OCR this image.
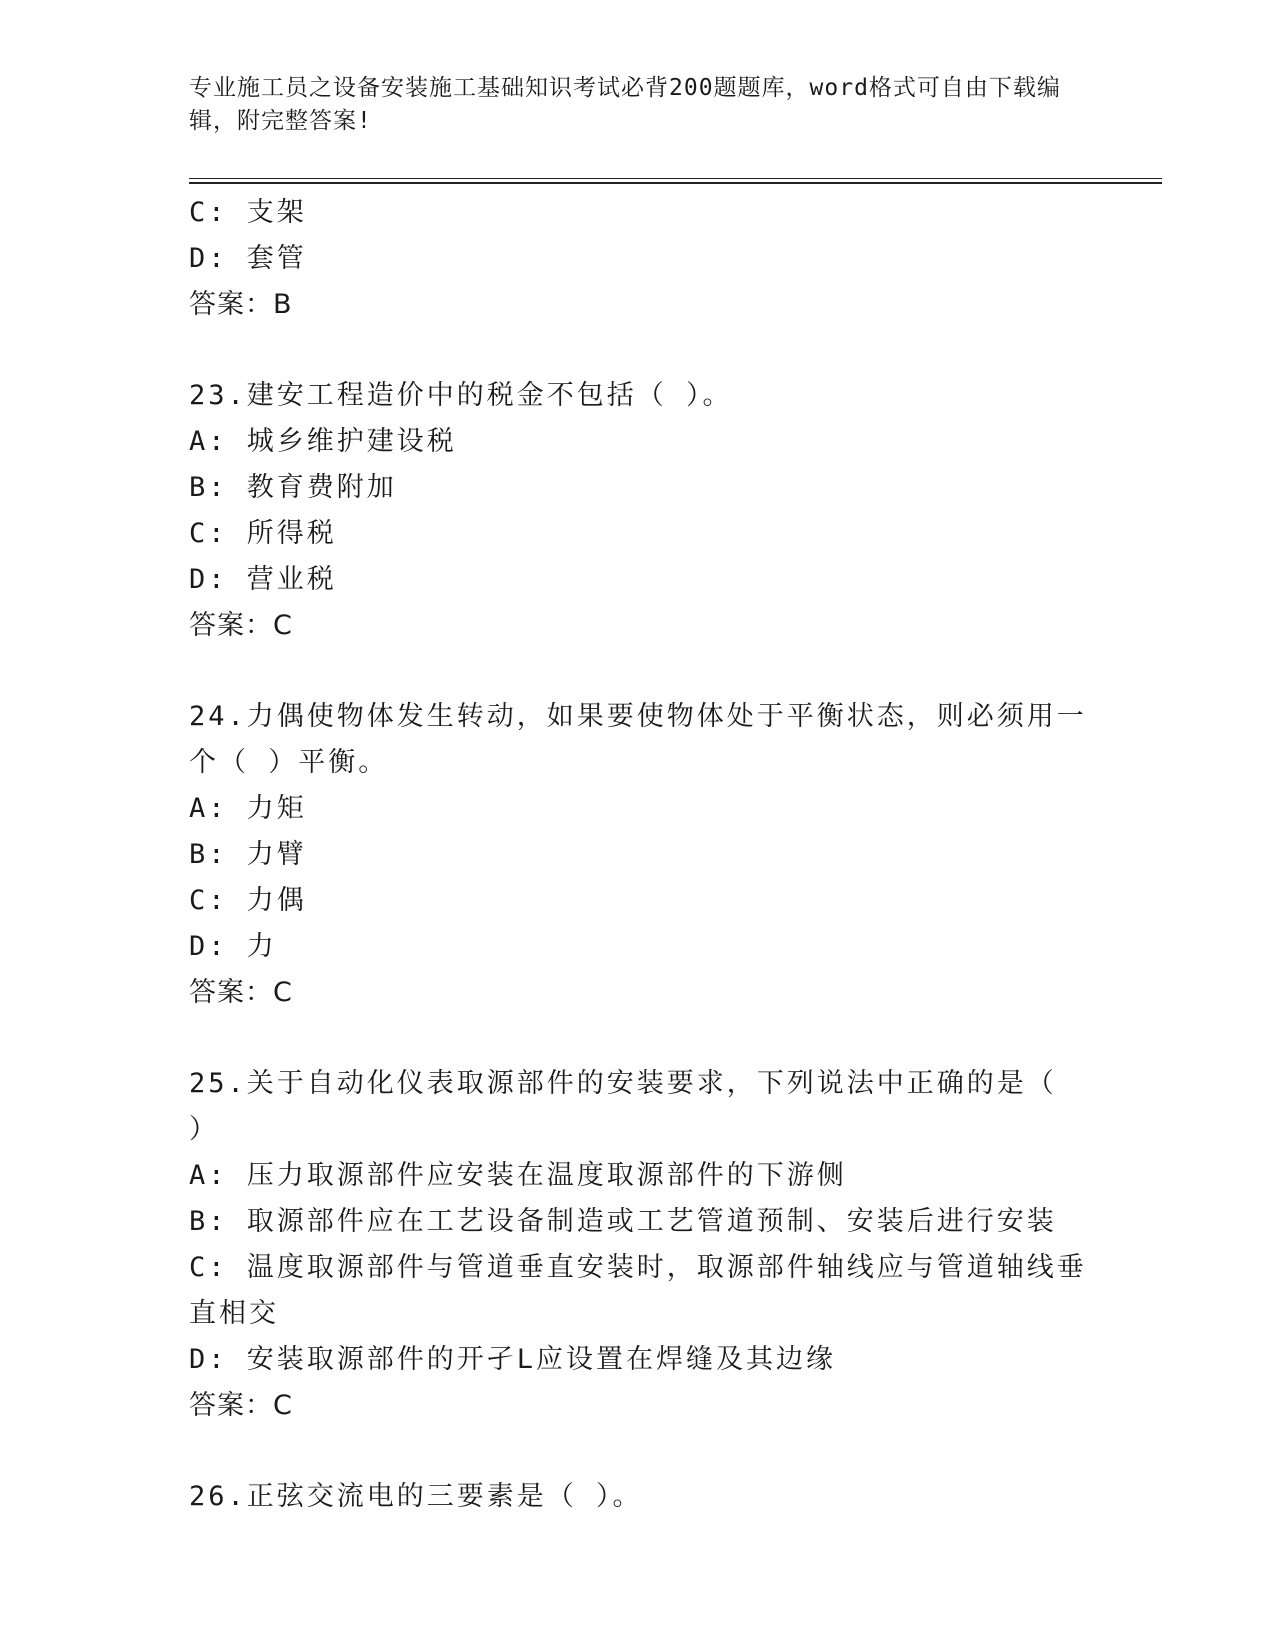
专业施工员之设备安装施工基础知识考试必背200题题库，word格式可自由下载编辑，附完整答案!
C: 支架
D: 套管
答案：B
23.建安工程造价中的税金不包括（ ）。
A: 城乡维护建设税
B: 教育费附加
C: 所得税
D: 营业税
答案：C
24.力偶使物体发生转动，如果要使物体处于平衡状态，则必须用一个（ ）平衡。
A: 力矩
B: 力臂
C: 力偶
D: 力
答案：C
25.关于自动化仪表取源部件的安装要求，下列说法中正确的是（ ）
A: 压力取源部件应安装在温度取源部件的下游侧
B: 取源部件应在工艺设备制造或工艺管道预制、安装后进行安装
C: 温度取源部件与管道垂直安装时，取源部件轴线应与管道轴线垂直相交
D: 安装取源部件的开孑L应设置在焊缝及其边缘
答案：C
26.正弦交流电的三要素是（ ）。
